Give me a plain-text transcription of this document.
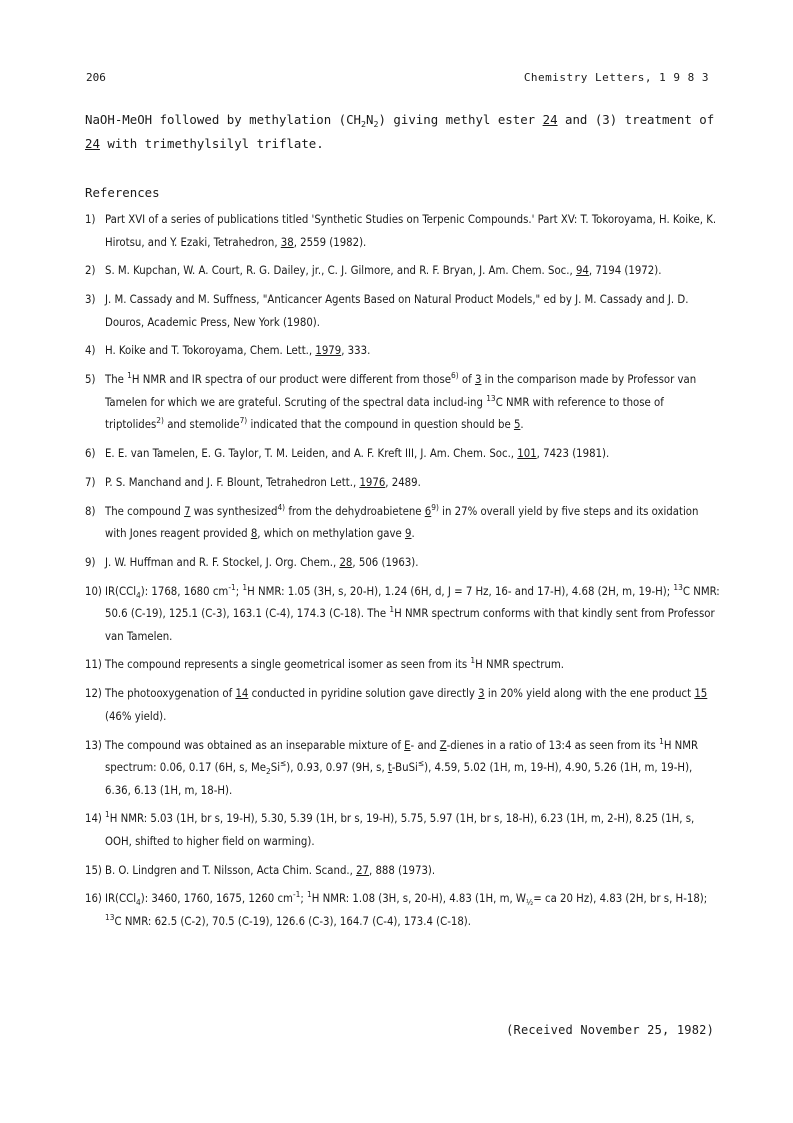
206	Chemistry Letters, 1 9 8 3
NaOH-MeOH followed by methylation $(CH_2N_2)$ giving methyl ester 24 and (3) treatment of 24 with trimethylsilyl triflate.
References
1) Part XVI of a series of publications titled 'Synthetic Studies on Terpenic Compounds.' Part XV: T. Tokoroyama, H. Koike, K. Hirotsu, and Y. Ezaki, Tetrahedron, 38, 2559 (1982).
2) S. M. Kupchan, W. A. Court, R. G. Dailey, jr., C. J. Gilmore, and R. F. Bryan, J. Am. Chem. Soc., 94, 7194 (1972).
3) J. M. Cassady and M. Suffness, "Anticancer Agents Based on Natural Product Models," ed by J. M. Cassady and J. D. Douros, Academic Press, New York (1980).
4) H. Koike and T. Tokoroyama, Chem. Lett., 1979, 333.
5) The $^1$H NMR and IR spectra of our product were different from those$^{6)}$ of 3 in the comparison made by Professor van Tamelen for which we are grateful. Scruting of the spectral data includ-ing $^{13}$C NMR with reference to those of triptolides$^{2)}$ and stemolide$^{7)}$ indicated that the compound in question should be 5.
6) E. E. van Tamelen, E. G. Taylor, T. M. Leiden, and A. F. Kreft III, J. Am. Chem. Soc., 101, 7423 (1981).
7) P. S. Manchand and J. F. Blount, Tetrahedron Lett., 1976, 2489.
8) The compound 7 was synthesized$^{4)}$ from the dehydroabietene 6$^{9)}$ in 27% overall yield by five steps and its oxidation with Jones reagent provided 8, which on methylation gave 9.
9) J. W. Huffman and R. F. Stockel, J. Org. Chem., 28, 506 (1963).
10) IR(CCl$_4$): 1768, 1680 $cm^{-1}$; $^1$H NMR: 1.05 (3H, s, 20-H), 1.24 (6H, d, J = 7 Hz, 16- and 17-H), 4.68 (2H, m, 19-H); $^{13}$C NMR: 50.6 (C-19), 125.1 (C-3), 163.1 (C-4), 174.3 (C-18). The $^1$H NMR spectrum conforms with that kindly sent from Professor van Tamelen.
11) The compound represents a single geometrical isomer as seen from its $^1$H NMR spectrum.
12) The photooxygenation of 14 conducted in pyridine solution gave directly 3 in 20% yield along with the ene product 15 (46% yield).
13) The compound was obtained as an inseparable mixture of E- and Z-dienes in a ratio of 13:4 as seen from its $^1$H NMR spectrum: 0.06, 0.17 (6H, s, $Me_2Si^\le$), 0.93, 0.97 (9H, s, t-BuSi≤), 4.59, 5.02 (1H, m, 19-H), 4.90, 5.26 (1H, m, 19-H), 6.36, 6.13 (1H, m, 18-H).
14) $^1$H NMR: 5.03 (1H, br s, 19-H), 5.30, 5.39 (1H, br s, 19-H), 5.75, 5.97 (1H, br s, 18-H), 6.23 (1H, m, 2-H), 8.25 (1H, s, OOH, shifted to higher field on warming).
15) B. O. Lindgren and T. Nilsson, Acta Chim. Scand., 27, 888 (1973).
16) IR(CCl$_4$): 3460, 1760, 1675, 1260 $cm^{-1}$; $^1$H NMR: 1.08 (3H, s, 20-H), 4.83 (1H, m, $W_{\frac{1}{2}}=$ ca 20 Hz), 4.83 (2H, br s, H-18); $^{13}$C NMR: 62.5 (C-2), 70.5 (C-19), 126.6 (C-3), 164.7 (C-4), 173.4 (C-18).
(Received November 25, 1982)
